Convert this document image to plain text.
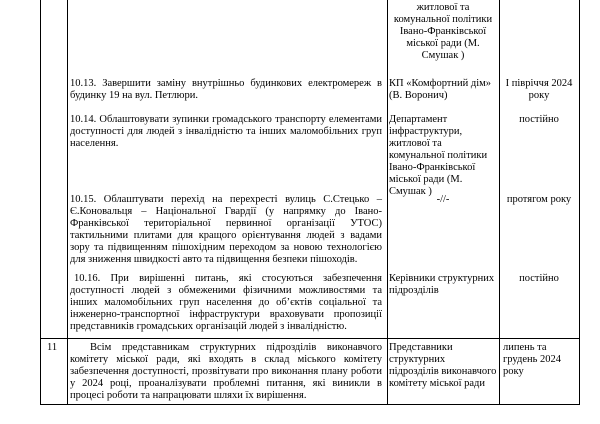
житлової та комунальної політики Івано-Франківської міської ради (М. Смушак )

10.13. Завершити заміну внутрішньо будинкових електромереж в будинку 19 на вул. Петлюри.

КП «Комфортний дім» (В. Воронич)

І півріччя 2024 року

10.14. Облаштовувати зупинки громадського транспорту елементами доступності для людей з інвалідністю та інших маломобільних груп населення.

Департамент інфраструктури, житлової та комунальної політики Івано-Франківської міської ради (М. Смушак )

постійно

10.15. Облаштувати перехід на перехресті вулиць С.Стецько – Є.Коновальця – Національної Гвардії (у напрямку до Івано-Франківської територіальної первинної організації УТОС) тактильними плитами для кращого орієнтування людей з вадами зору та підвищенням пішохідним переходом за новою технологією для зниження швидкості авто та підвищення безпеки пішоходів.

-//-	протягом року

10.16. При вирішенні питань, які стосуються забезпечення доступності людей з обмеженими фізичними можливостями та інших маломобільних груп населення до об’єктів соціальної та інженерно-транспортної інфраструктури враховувати пропозиції представників громадських організацій людей з інвалідністю.

Керівники структурних підрозділів

постійно

11	Всім представникам структурних підрозділів виконавчого комітету міської ради, які входять в склад міського комітету забезпечення доступності, прозвітувати про виконання плану роботи у 2024 році, проаналізувати проблемні питання, які виникли в процесі роботи та напрацювати шляхи їх вирішення.

Представники структурних підрозділів виконавчого комітету міської ради

липень та грудень 2024 року
